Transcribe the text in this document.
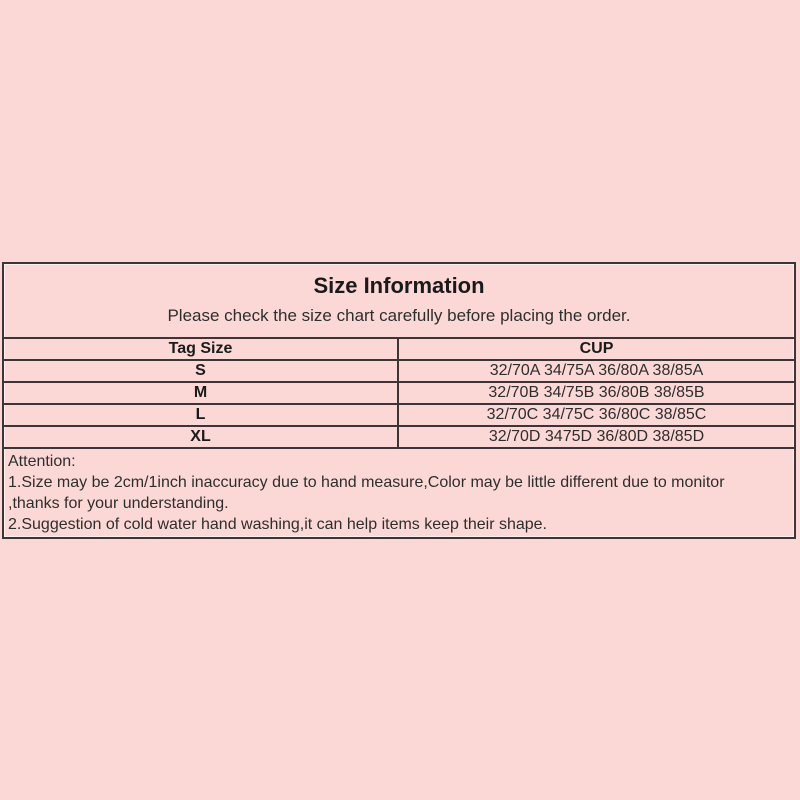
Size Information
Please check the size chart carefully before placing the order.
Tag Size	CUP
S	32/70A 34/75A 36/80A 38/85A
M	32/70B 34/75B 36/80B 38/85B
L	32/70C 34/75C 36/80C 38/85C
XL	32/70D 3475D 36/80D 38/85D
Attention:
1.Size may be 2cm/1inch inaccuracy due to hand measure,Color may be little different due to monitor
,thanks for your understanding.
2.Suggestion of cold water hand washing,it can help items keep their shape.
